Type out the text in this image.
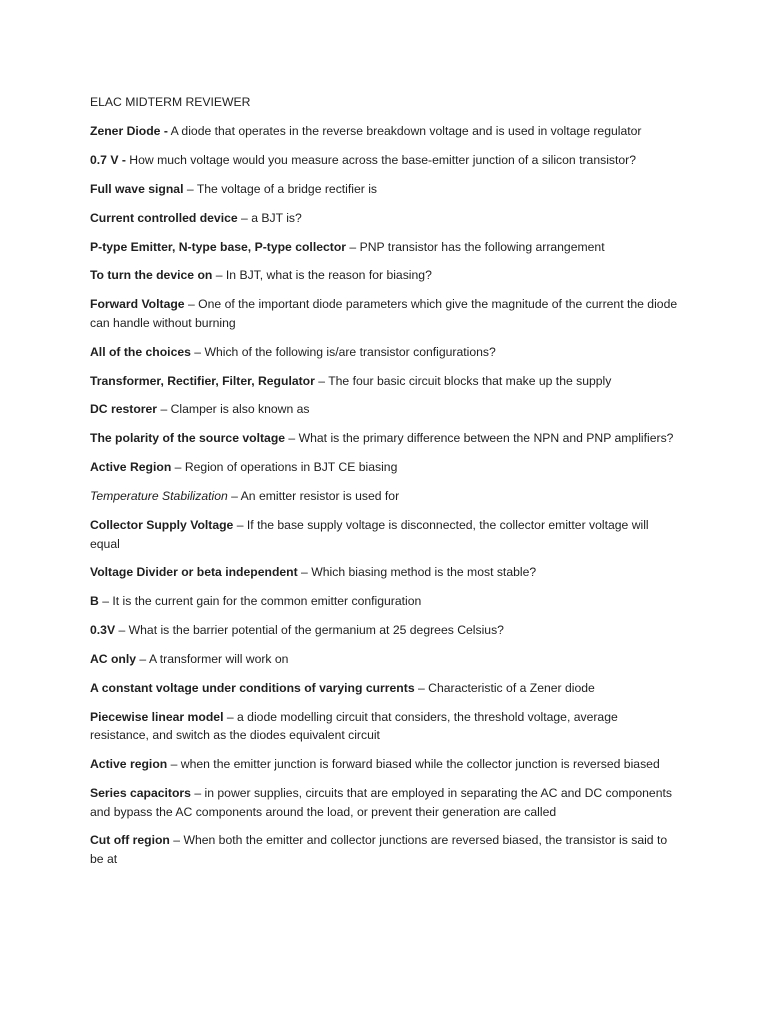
ELAC MIDTERM REVIEWER

Zener Diode - A diode that operates in the reverse breakdown voltage and is used in voltage regulator

0.7 V - How much voltage would you measure across the base-emitter junction of a silicon transistor?

Full wave signal – The voltage of a bridge rectifier is

Current controlled device – a BJT is?

P-type Emitter, N-type base, P-type collector – PNP transistor has the following arrangement

To turn the device on – In BJT, what is the reason for biasing?

Forward Voltage – One of the important diode parameters which give the magnitude of the current the diode can handle without burning

All of the choices – Which of the following is/are transistor configurations?

Transformer, Rectifier, Filter, Regulator – The four basic circuit blocks that make up the supply

DC restorer – Clamper is also known as

The polarity of the source voltage – What is the primary difference between the NPN and PNP amplifiers?

Active Region – Region of operations in BJT CE biasing

Temperature Stabilization – An emitter resistor is used for

Collector Supply Voltage – If the base supply voltage is disconnected, the collector emitter voltage will equal

Voltage Divider or beta independent – Which biasing method is the most stable?

B – It is the current gain for the common emitter configuration

0.3V – What is the barrier potential of the germanium at 25 degrees Celsius?

AC only – A transformer will work on

A constant voltage under conditions of varying currents – Characteristic of a Zener diode

Piecewise linear model – a diode modelling circuit that considers, the threshold voltage, average resistance, and switch as the diodes equivalent circuit

Active region – when the emitter junction is forward biased while the collector junction is reversed biased

Series capacitors – in power supplies, circuits that are employed in separating the AC and DC components and bypass the AC components around the load, or prevent their generation are called

Cut off region – When both the emitter and collector junctions are reversed biased, the transistor is said to be at
